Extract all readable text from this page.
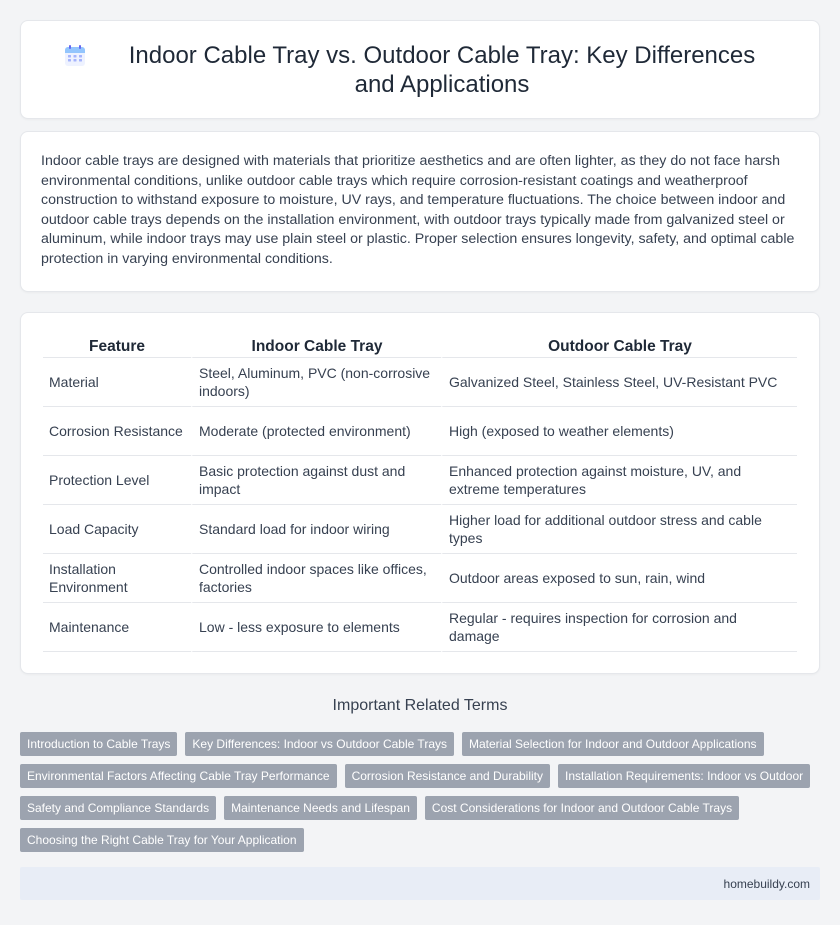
Indoor Cable Tray vs. Outdoor Cable Tray: Key Differences and Applications

Indoor cable trays are designed with materials that prioritize aesthetics and are often lighter, as they do not face harsh environmental conditions, unlike outdoor cable trays which require corrosion-resistant coatings and weatherproof construction to withstand exposure to moisture, UV rays, and temperature fluctuations. The choice between indoor and outdoor cable trays depends on the installation environment, with outdoor trays typically made from galvanized steel or aluminum, while indoor trays may use plain steel or plastic. Proper selection ensures longevity, safety, and optimal cable protection in varying environmental conditions.

Feature	Indoor Cable Tray	Outdoor Cable Tray
Material	Steel, Aluminum, PVC (non-corrosive indoors)	Galvanized Steel, Stainless Steel, UV-Resistant PVC
Corrosion Resistance	Moderate (protected environment)	High (exposed to weather elements)
Protection Level	Basic protection against dust and impact	Enhanced protection against moisture, UV, and extreme temperatures
Load Capacity	Standard load for indoor wiring	Higher load for additional outdoor stress and cable types
Installation Environment	Controlled indoor spaces like offices, factories	Outdoor areas exposed to sun, rain, wind
Maintenance	Low - less exposure to elements	Regular - requires inspection for corrosion and damage
Important Related Terms
Introduction to Cable Trays	Key Differences: Indoor vs Outdoor Cable Trays	Material Selection for Indoor and Outdoor Applications
Environmental Factors Affecting Cable Tray Performance	Corrosion Resistance and Durability	Installation Requirements: Indoor vs Outdoor
Safety and Compliance Standards	Maintenance Needs and Lifespan	Cost Considerations for Indoor and Outdoor Cable Trays
Choosing the Right Cable Tray for Your Application
homebuildy.com
